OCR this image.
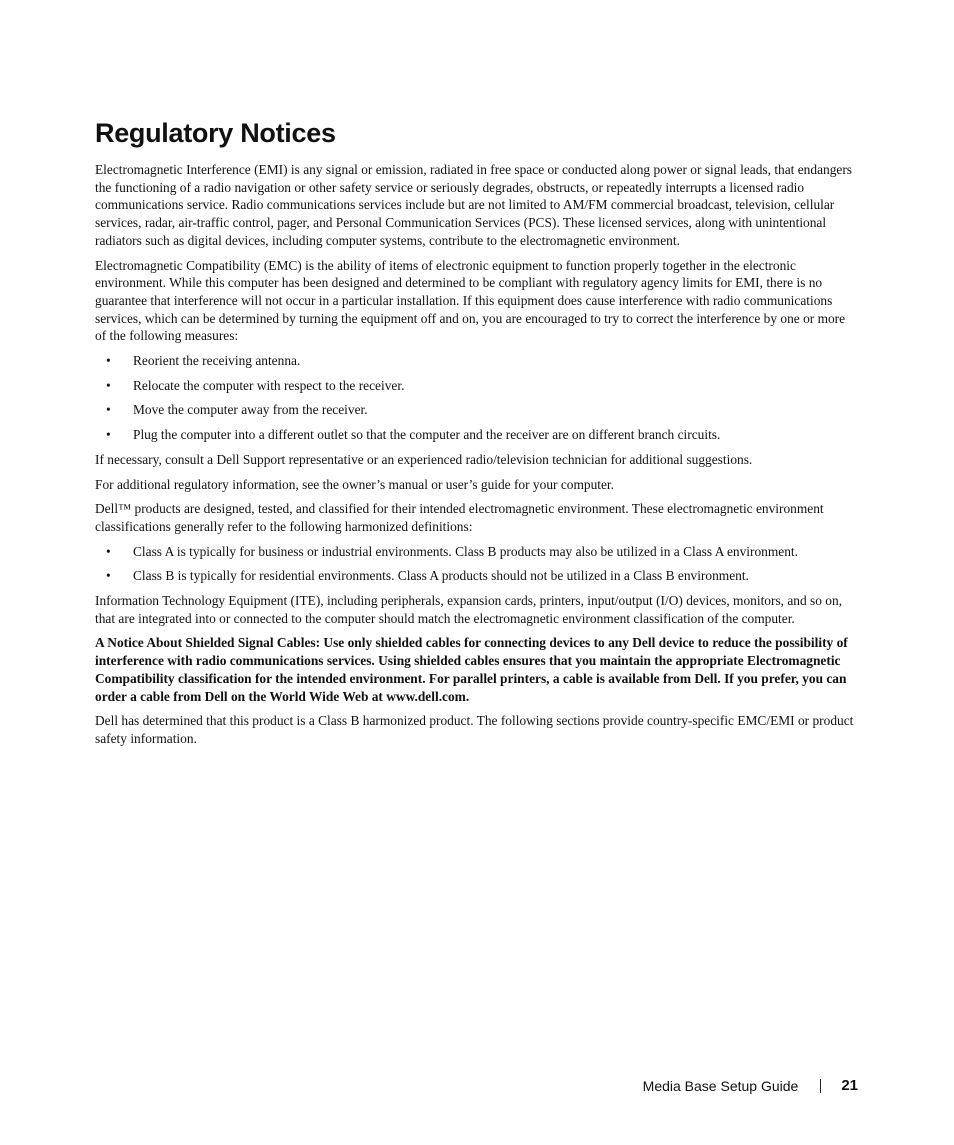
Regulatory Notices

Electromagnetic Interference (EMI) is any signal or emission, radiated in free space or conducted along power or signal leads, that endangers the functioning of a radio navigation or other safety service or seriously degrades, obstructs, or repeatedly interrupts a licensed radio communications service. Radio communications services include but are not limited to AM/FM commercial broadcast, television, cellular services, radar, air-traffic control, pager, and Personal Communication Services (PCS). These licensed services, along with unintentional radiators such as digital devices, including computer systems, contribute to the electromagnetic environment.

Electromagnetic Compatibility (EMC) is the ability of items of electronic equipment to function properly together in the electronic environment. While this computer has been designed and determined to be compliant with regulatory agency limits for EMI, there is no guarantee that interference will not occur in a particular installation. If this equipment does cause interference with radio communications services, which can be determined by turning the equipment off and on, you are encouraged to try to correct the interference by one or more of the following measures:

• Reorient the receiving antenna.
• Relocate the computer with respect to the receiver.
• Move the computer away from the receiver.
• Plug the computer into a different outlet so that the computer and the receiver are on different branch circuits.

If necessary, consult a Dell Support representative or an experienced radio/television technician for additional suggestions.

For additional regulatory information, see the owner’s manual or user’s guide for your computer.

Dell™ products are designed, tested, and classified for their intended electromagnetic environment. These electromagnetic environment classifications generally refer to the following harmonized definitions:

• Class A is typically for business or industrial environments. Class B products may also be utilized in a Class A environment.
• Class B is typically for residential environments. Class A products should not be utilized in a Class B environment.

Information Technology Equipment (ITE), including peripherals, expansion cards, printers, input/output (I/O) devices, monitors, and so on, that are integrated into or connected to the computer should match the electromagnetic environment classification of the computer.

A Notice About Shielded Signal Cables: Use only shielded cables for connecting devices to any Dell device to reduce the possibility of interference with radio communications services. Using shielded cables ensures that you maintain the appropriate Electromagnetic Compatibility classification for the intended environment. For parallel printers, a cable is available from Dell. If you prefer, you can order a cable from Dell on the World Wide Web at www.dell.com.

Dell has determined that this product is a Class B harmonized product. The following sections provide country-specific EMC/EMI or product safety information.

Media Base Setup Guide	21
